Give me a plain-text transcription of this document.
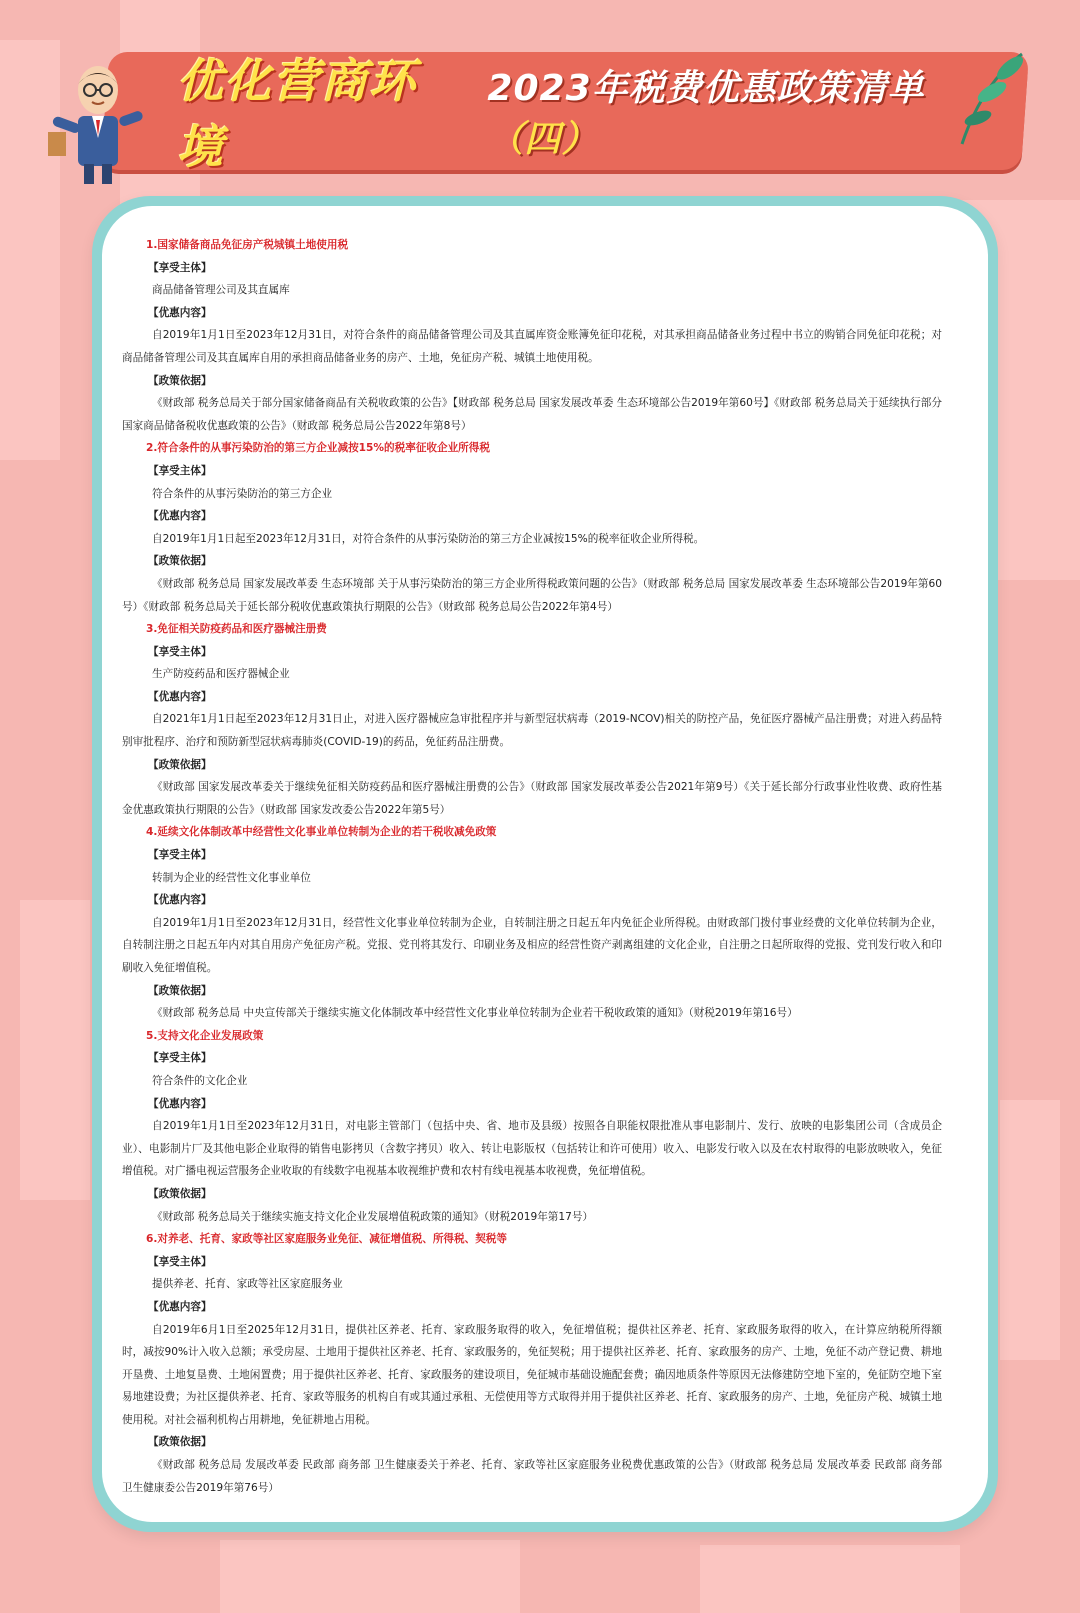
优化营商环境
2023年税费优惠政策清单（四）

1.国家储备商品免征房产税城镇土地使用税

【享受主体】

商品储备管理公司及其直属库

【优惠内容】

自2019年1月1日至2023年12月31日，对符合条件的商品储备管理公司及其直属库资金账簿免征印花税，对其承担商品储备业务过程中书立的购销合同免征印花税；对商品储备管理公司及其直属库自用的承担商品储备业务的房产、土地，免征房产税、城镇土地使用税。

【政策依据】

《财政部 税务总局关于部分国家储备商品有关税收政策的公告》【财政部 税务总局 国家发展改革委 生态环境部公告2019年第60号】《财政部 税务总局关于延续执行部分国家商品储备税收优惠政策的公告》（财政部 税务总局公告2022年第8号）

2.符合条件的从事污染防治的第三方企业减按15%的税率征收企业所得税

【享受主体】

符合条件的从事污染防治的第三方企业

【优惠内容】

自2019年1月1日起至2023年12月31日，对符合条件的从事污染防治的第三方企业减按15%的税率征收企业所得税。

【政策依据】

《财政部 税务总局 国家发展改革委 生态环境部 关于从事污染防治的第三方企业所得税政策问题的公告》（财政部 税务总局 国家发展改革委 生态环境部公告2019年第60号）《财政部 税务总局关于延长部分税收优惠政策执行期限的公告》（财政部 税务总局公告2022年第4号）

3.免征相关防疫药品和医疗器械注册费

【享受主体】

生产防疫药品和医疗器械企业

【优惠内容】

自2021年1月1日起至2023年12月31日止，对进入医疗器械应急审批程序并与新型冠状病毒（2019-NCOV)相关的防控产品，免征医疗器械产品注册费；对进入药品特别审批程序、治疗和预防新型冠状病毒肺炎(COVID-19)的药品，免征药品注册费。

【政策依据】

《财政部 国家发展改革委关于继续免征相关防疫药品和医疗器械注册费的公告》（财政部 国家发展改革委公告2021年第9号）《关于延长部分行政事业性收费、政府性基金优惠政策执行期限的公告》（财政部 国家发改委公告2022年第5号）

4.延续文化体制改革中经营性文化事业单位转制为企业的若干税收减免政策

【享受主体】

转制为企业的经营性文化事业单位

【优惠内容】

自2019年1月1日至2023年12月31日，经营性文化事业单位转制为企业，自转制注册之日起五年内免征企业所得税。由财政部门拨付事业经费的文化单位转制为企业，自转制注册之日起五年内对其自用房产免征房产税。党报、党刊将其发行、印刷业务及相应的经营性资产剥离组建的文化企业，自注册之日起所取得的党报、党刊发行收入和印刷收入免征增值税。

【政策依据】

《财政部 税务总局 中央宣传部关于继续实施文化体制改革中经营性文化事业单位转制为企业若干税收政策的通知》（财税2019年第16号）

5.支持文化企业发展政策

【享受主体】

符合条件的文化企业

【优惠内容】

自2019年1月1日至2023年12月31日，对电影主管部门（包括中央、省、地市及县级）按照各自职能权限批准从事电影制片、发行、放映的电影集团公司（含成员企业）、电影制片厂及其他电影企业取得的销售电影拷贝（含数字拷贝）收入、转让电影版权（包括转让和许可使用）收入、电影发行收入以及在农村取得的电影放映收入，免征增值税。对广播电视运营服务企业收取的有线数字电视基本收视维护费和农村有线电视基本收视费，免征增值税。

【政策依据】

《财政部 税务总局关于继续实施支持文化企业发展增值税政策的通知》（财税2019年第17号）

6.对养老、托育、家政等社区家庭服务业免征、减征增值税、所得税、契税等

【享受主体】

提供养老、托育、家政等社区家庭服务业

【优惠内容】

自2019年6月1日至2025年12月31日，提供社区养老、托育、家政服务取得的收入，免征增值税；提供社区养老、托育、家政服务取得的收入，在计算应纳税所得额时，减按90%计入收入总额；承受房屋、土地用于提供社区养老、托育、家政服务的，免征契税；用于提供社区养老、托育、家政服务的房产、土地，免征不动产登记费、耕地开垦费、土地复垦费、土地闲置费；用于提供社区养老、托育、家政服务的建设项目，免征城市基础设施配套费；确因地质条件等原因无法修建防空地下室的，免征防空地下室易地建设费；为社区提供养老、托育、家政等服务的机构自有或其通过承租、无偿使用等方式取得并用于提供社区养老、托育、家政服务的房产、土地，免征房产税、城镇土地使用税。对社会福利机构占用耕地，免征耕地占用税。

【政策依据】

《财政部 税务总局 发展改革委 民政部 商务部 卫生健康委关于养老、托育、家政等社区家庭服务业税费优惠政策的公告》（财政部 税务总局 发展改革委 民政部 商务部 卫生健康委公告2019年第76号）
